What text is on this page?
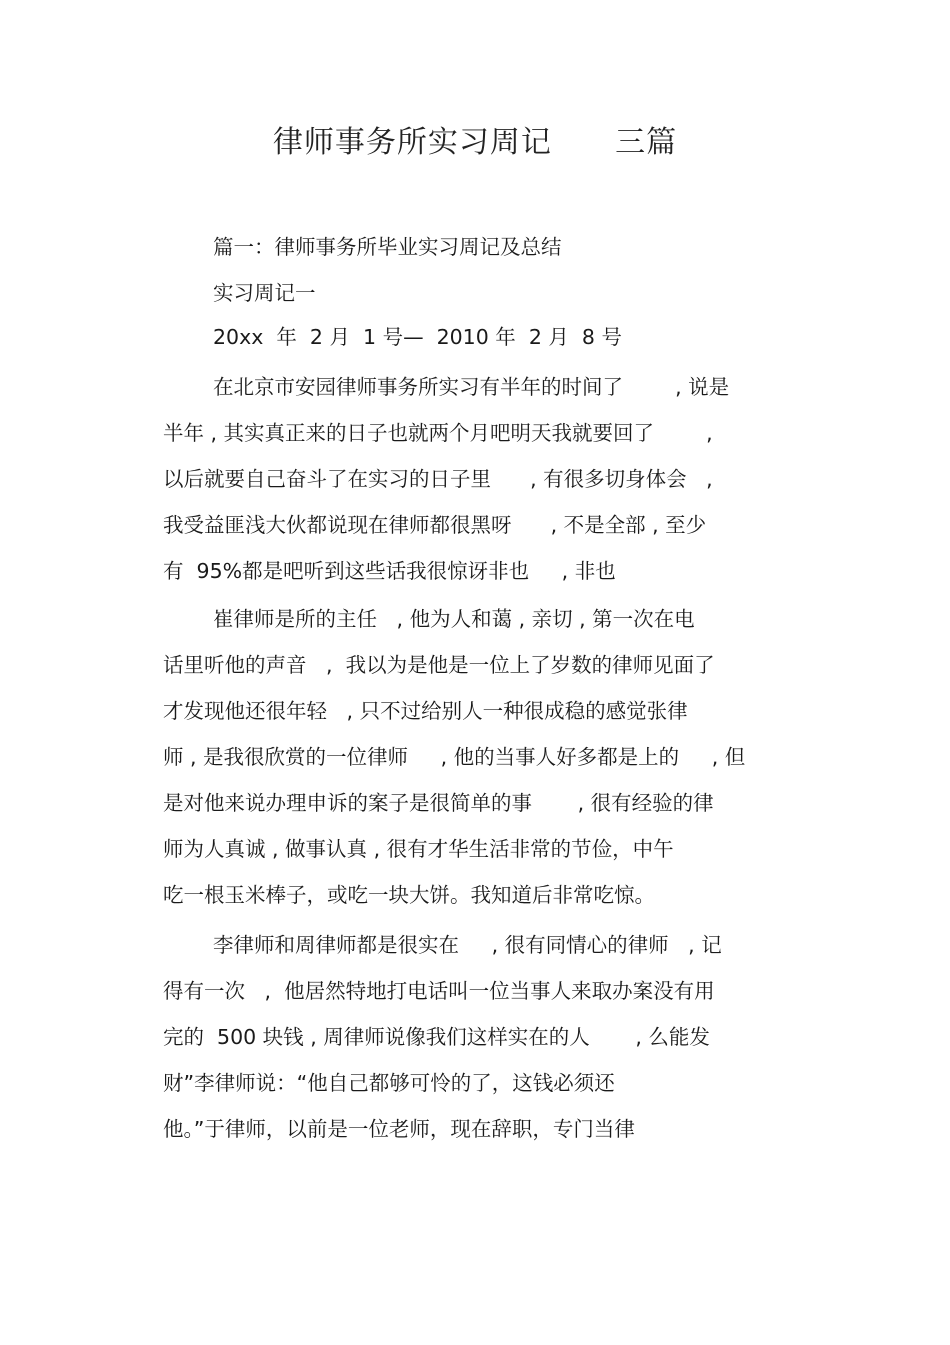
律师事务所实习周记      三篇
篇一：律师事务所毕业实习周记及总结
实习周记一
20xx  年  2 月  1 号—  2010 年  2 月  8 号
在北京市安园律师事务所实习有半年的时间了        , 说是
半年 , 其实真正来的日子也就两个月吧明天我就要回了        ,
以后就要自己奋斗了在实习的日子里      , 有很多切身体会   ,
我受益匪浅大伙都说现在律师都很黑呀      , 不是全部 , 至少
有  95%都是吧听到这些话我很惊讶非也     , 非也
崔律师是所的主任   , 他为人和蔼 , 亲切 , 第一次在电
话里听他的声音   ,  我以为是他是一位上了岁数的律师见面了
才发现他还很年轻   , 只不过给别人一种很成稳的感觉张律
师 , 是我很欣赏的一位律师     , 他的当事人好多都是上的     , 但
是对他来说办理申诉的案子是很简单的事       , 很有经验的律
师为人真诚 , 做事认真 , 很有才华生活非常的节俭，中午
吃一根玉米棒子，或吃一块大饼。我知道后非常吃惊。
李律师和周律师都是很实在     , 很有同情心的律师   , 记
得有一次   ,  他居然特地打电话叫一位当事人来取办案没有用
完的  500 块钱 , 周律师说像我们这样实在的人       , 么能发
财”李律师说：“他自己都够可怜的了，这钱必须还
他。”于律师，以前是一位老师，现在辞职，专门当律
